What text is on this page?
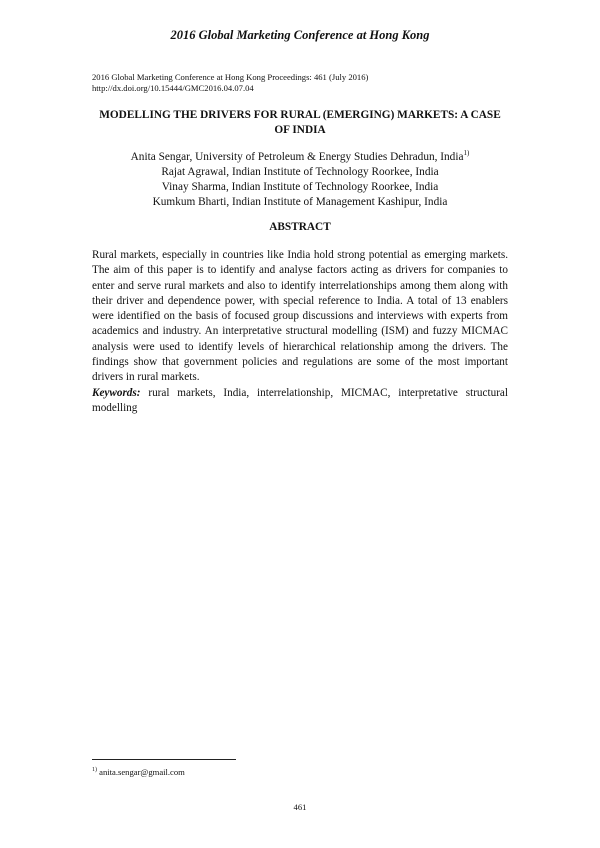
2016 Global Marketing Conference at Hong Kong
2016 Global Marketing Conference at Hong Kong Proceedings: 461 (July 2016)
http://dx.doi.org/10.15444/GMC2016.04.07.04
MODELLING THE DRIVERS FOR RURAL (EMERGING) MARKETS: A CASE OF INDIA
Anita Sengar, University of Petroleum & Energy Studies Dehradun, India$^{1)}$
Rajat Agrawal, Indian Institute of Technology Roorkee, India
Vinay Sharma, Indian Institute of Technology Roorkee, India
Kumkum Bharti, Indian Institute of Management Kashipur, India
ABSTRACT
Rural markets, especially in countries like India hold strong potential as emerging markets. The aim of this paper is to identify and analyse factors acting as drivers for companies to enter and serve rural markets and also to identify interrelationships among them along with their driver and dependence power, with special reference to India. A total of 13 enablers were identified on the basis of focused group discussions and interviews with experts from academics and industry. An interpretative structural modelling (ISM) and fuzzy MICMAC analysis were used to identify levels of hierarchical relationship among the drivers. The findings show that government policies and regulations are some of the most important drivers in rural markets.
Keywords: rural markets, India, interrelationship, MICMAC, interpretative structural modelling
$^{1)}$ anita.sengar@gmail.com
461
